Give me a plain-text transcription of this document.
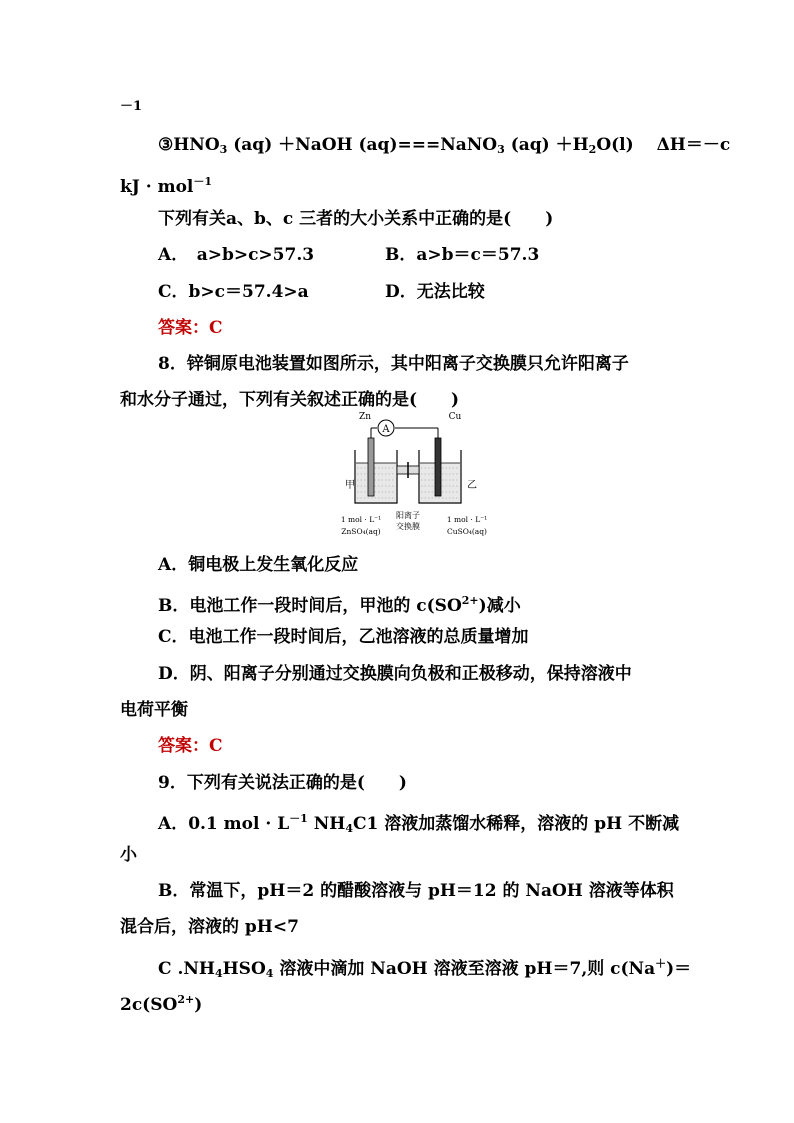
－1
$③HNO_3$ (aq) ＋NaOH (aq)===NaNO$_3$ $(aq) +H_2O(l)$　 ΔH＝－c
kJ · mol$^{-1}$
下列有关a、b、c 三者的大小关系中正确的是(　　)
A．　a>b>c>57.3	B．a>b＝c＝57.3
C．b>c＝57.4>a	D．无法比较
答案：C
8．锌铜原电池装置如图所示，其中阳离子交换膜只允许阳离子
和水分子通过，下列有关叙述正确的是(　　)
A
Zn	Cu
甲	乙
阳离子
交换膜
1 mol · L⁻¹
ZnSO₄(aq)
1 mol · L⁻¹
CuSO₄(aq)
A．铜电极上发生氧化反应
B．电池工作一段时间后，甲池的 $c(SO^{2+})$减小
C．电池工作一段时间后，乙池溶液的总质量增加
D．阴、阳离子分别通过交换膜向负极和正极移动，保持溶液中
电荷平衡
答案：C
9．下列有关说法正确的是(　　)
A．0.1 mol · $L^{-1}$ $NH_4C1$ 溶液加蒸馏水稀释，溶液的 pH 不断减
小
B．常温下，pH＝2 的醋酸溶液与 pH＝12 的 NaOH 溶液等体积
混合后，溶液的 pH<7
C $.NH_4HSO_4$ 溶液中滴加 NaOH 溶液至溶液 pH＝7,则 c(Na＋)＝
$2c(SO^{2+})$
